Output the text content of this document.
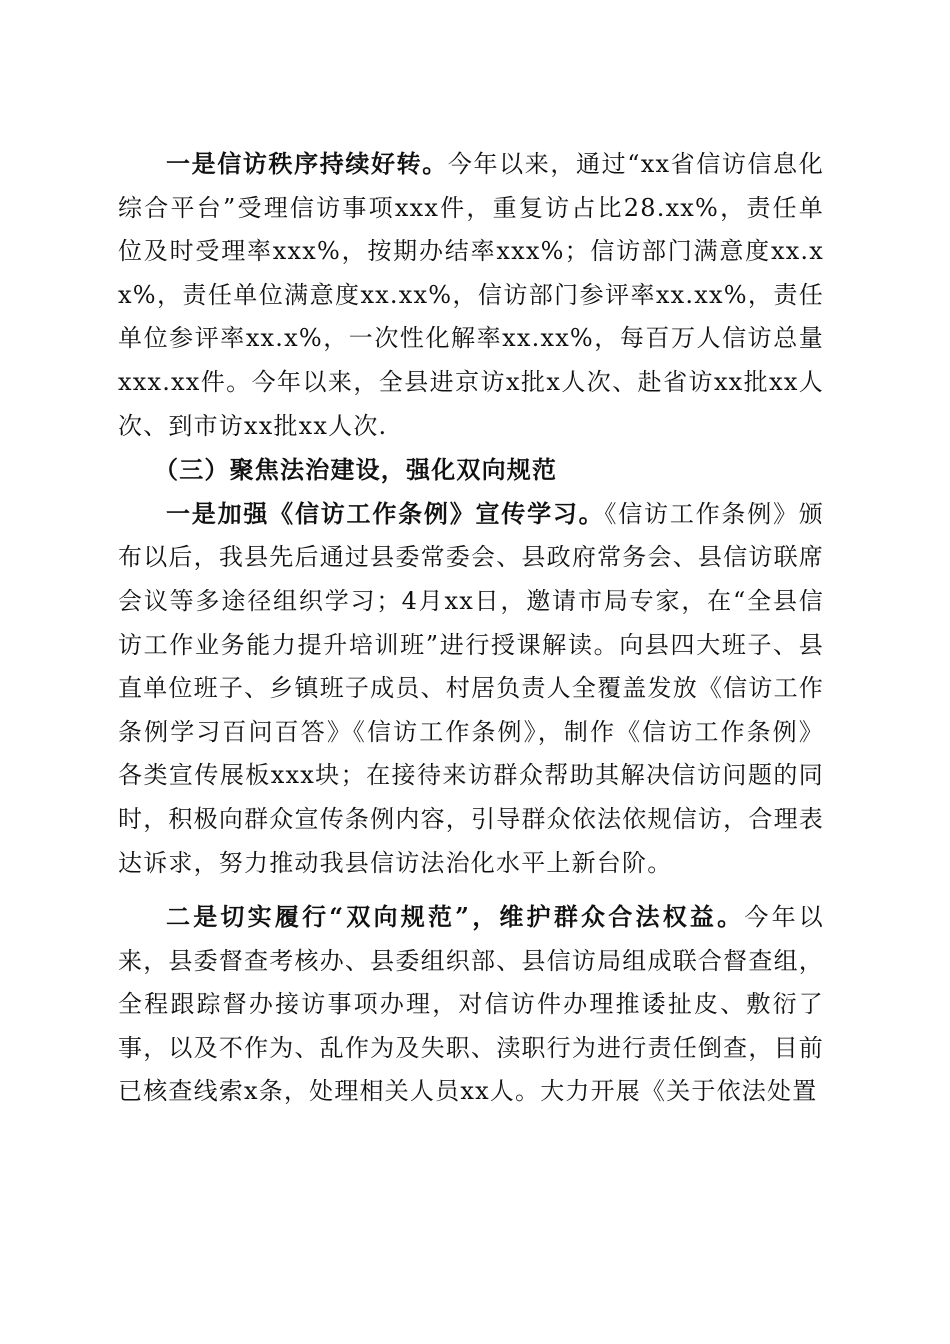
一是信访秩序持续好转。今年以来，通过“xx省信访信息化综合平台”受理信访事项xxx件，重复访占比28.xx%，责任单位及时受理率xxx%，按期办结率xxx%；信访部门满意度xx.xx%，责任单位满意度xx.xx%，信访部门参评率xx.xx%，责任单位参评率xx.x%，一次性化解率xx.xx%，每百万人信访总量xxx.xx件。今年以来，全县进京访x批x人次、赴省访xx批xx人次、到市访xx批xx人次.

（三）聚焦法治建设，强化双向规范

一是加强《信访工作条例》宣传学习。《信访工作条例》颁布以后，我县先后通过县委常委会、县政府常务会、县信访联席会议等多途径组织学习；4月xx日，邀请市局专家，在“全县信访工作业务能力提升培训班”进行授课解读。向县四大班子、县直单位班子、乡镇班子成员、村居负责人全覆盖发放《信访工作条例学习百问百答》《信访工作条例》，制作《信访工作条例》各类宣传展板xxx块；在接待来访群众帮助其解决信访问题的同时，积极向群众宣传条例内容，引导群众依法依规信访，合理表达诉求，努力推动我县信访法治化水平上新台阶。

二是切实履行“双向规范”，维护群众合法权益。今年以来，县委督查考核办、县委组织部、县信访局组成联合督查组，全程跟踪督办接访事项办理，对信访件办理推诿扯皮、敷衍了事，以及不作为、乱作为及失职、渎职行为进行责任倒查，目前已核查线索x条，处理相关人员xx人。大力开展《关于依法处置
